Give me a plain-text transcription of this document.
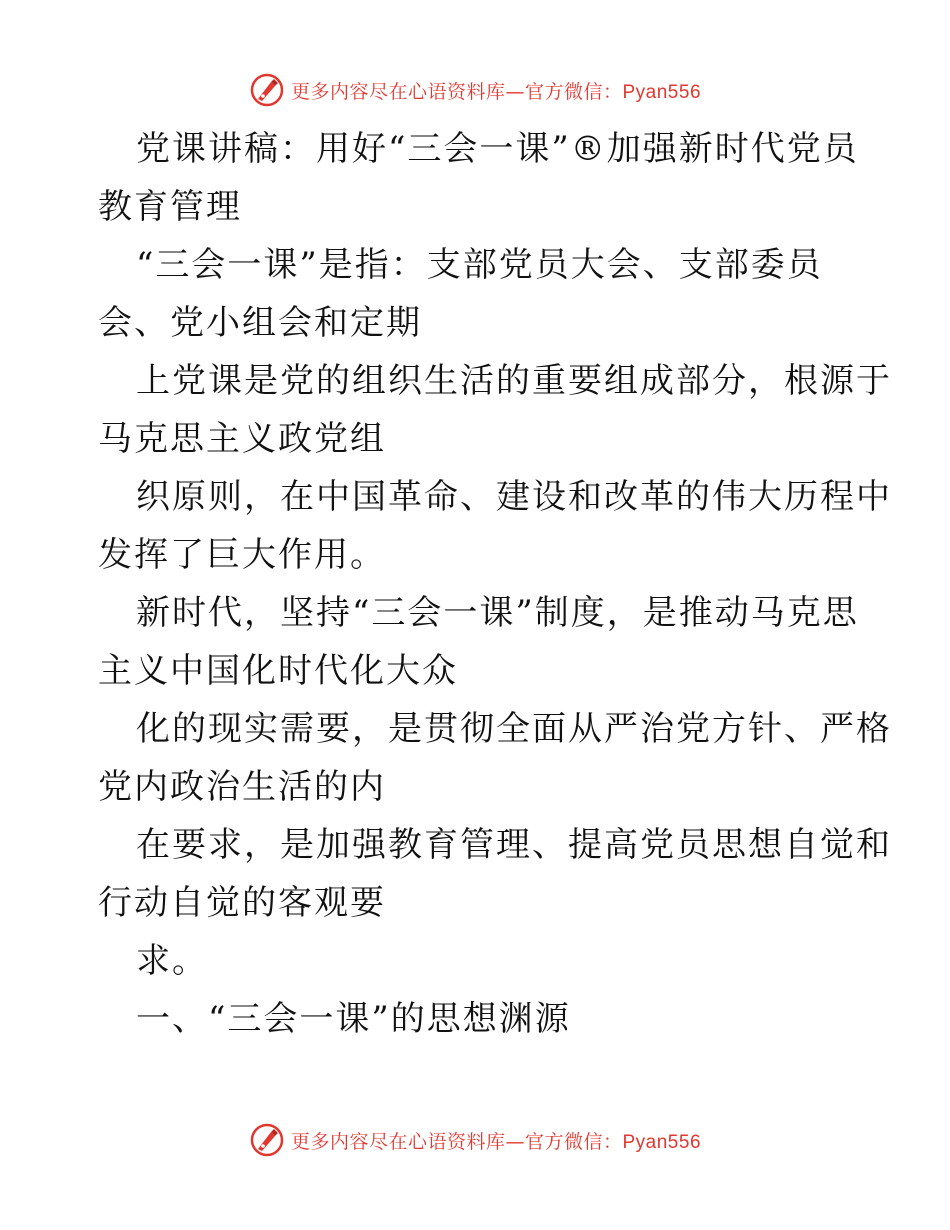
更多内容尽在心语资料库—官方微信：Pyan556
党课讲稿：用好“三会一课”®加强新时代党员
教育管理
“三会一课”是指：支部党员大会、支部委员
会、党小组会和定期
上党课是党的组织生活的重要组成部分，根源于
马克思主义政党组
织原则，在中国革命、建设和改革的伟大历程中
发挥了巨大作用。
新时代，坚持“三会一课”制度，是推动马克思
主义中国化时代化大众
化的现实需要，是贯彻全面从严治党方针、严格
党内政治生活的内
在要求，是加强教育管理、提高党员思想自觉和
行动自觉的客观要
求。
一、“三会一课”的思想渊源
更多内容尽在心语资料库—官方微信：Pyan556
